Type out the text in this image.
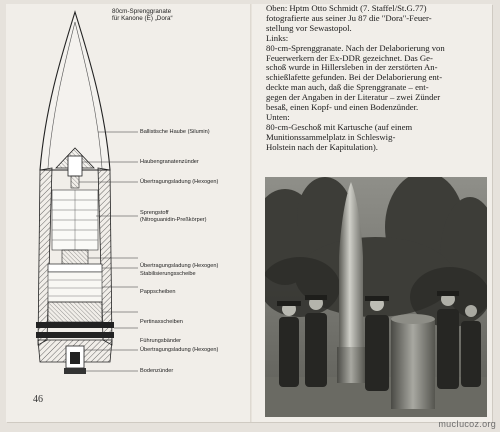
80cm-Sprenggranate
für Kanone (E) „Dora“
Ballistische Haube (Silumin)
Haubengranatenzünder
Übertragungsladung (Hexogen)
Sprengstoff
(Nitroguanidin-Preßkörper)
Übertragungsladung (Hexogen)
Stabilisierungsscheibe
Pappscheiben
Pertinaxscheiben
Führungsbänder
Übertragungsladung (Hexogen)
Bodenzünder
46
Oben: Hptm Otto Schmidt (7. Staffel/St.G.77)
fotografierte aus seiner Ju 87 die "Dora"-Feuer-
stellung vor Sewastopol.
Links:
80-cm-Sprenggranate. Nach der Delaborierung von
Feuerwerkern der Ex-DDR gezeichnet. Das Ge-
schoß wurde in Hillersleben in der zerstörten An-
schießlafette gefunden. Bei der Delaborierung ent-
deckte man auch, daß die Sprenggranate – ent-
gegen der Angaben in der Literatur – zwei Zünder
besaß, einen Kopf- und einen Bodenzünder.
Unten:
80-cm-Geschoß mit Kartusche (auf einem
Munitionssammelplatz in Schleswig-
Holstein nach der Kapitulation).
mucIucoz.org
